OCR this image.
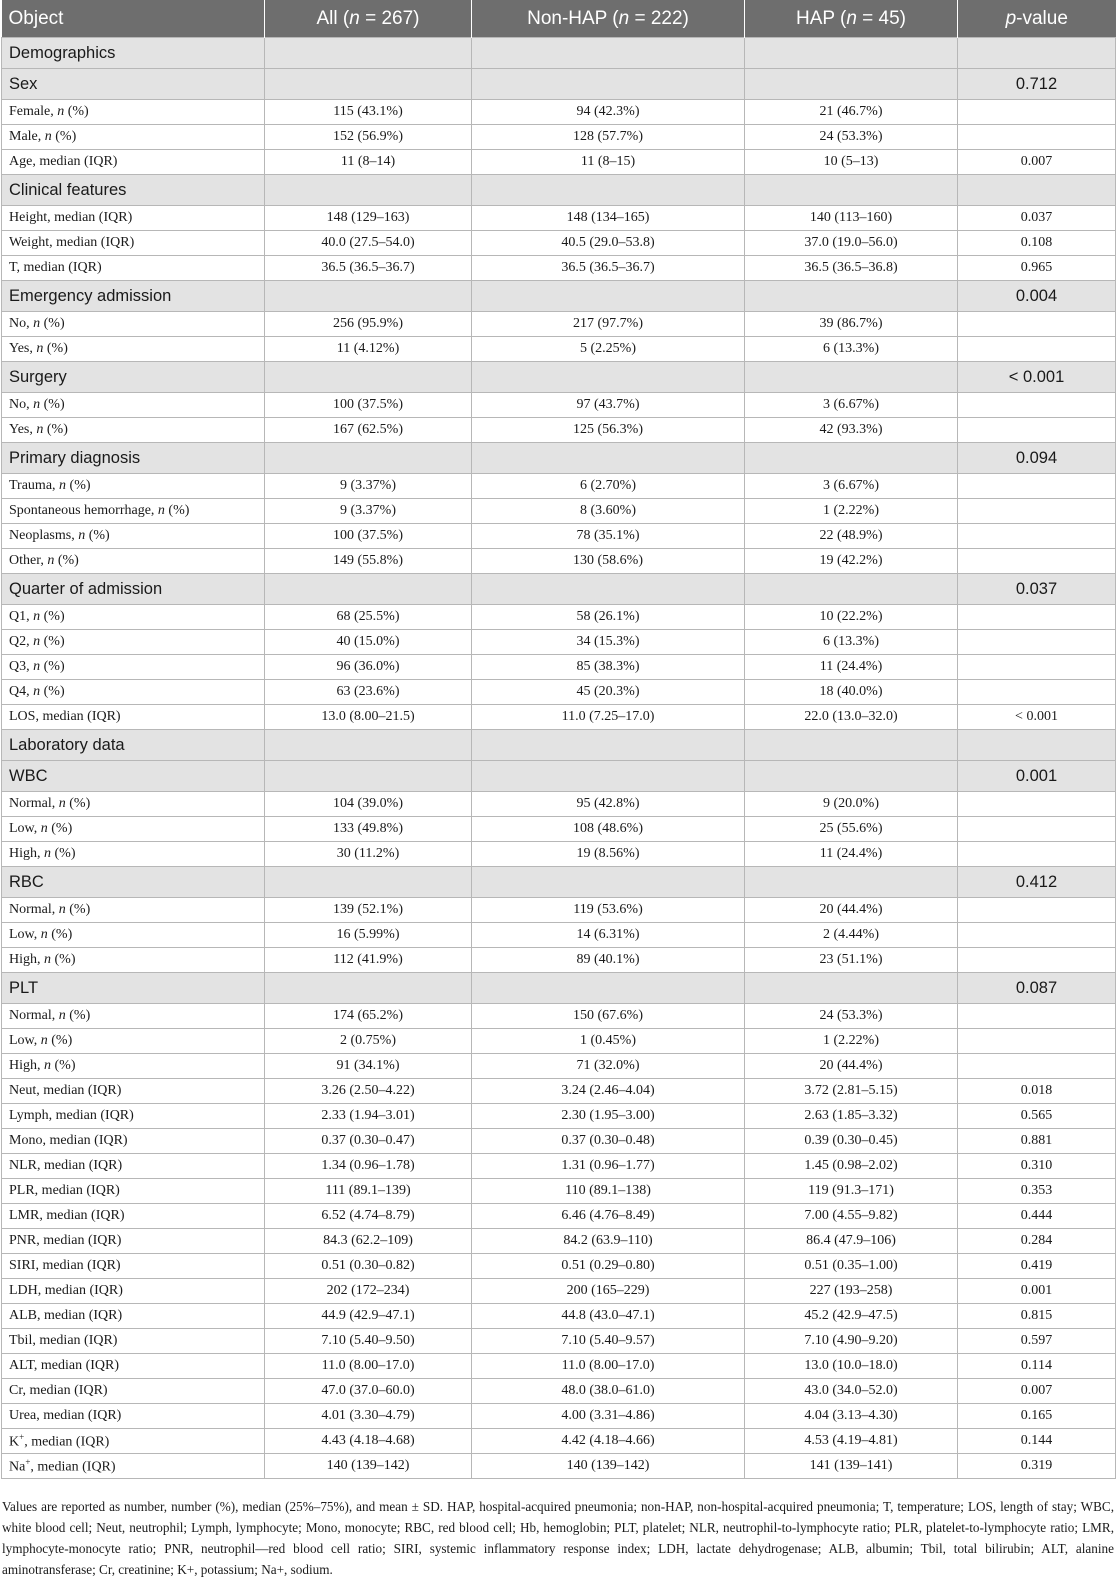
Object	All (n = 267)	Non-HAP (n = 222)	HAP (n = 45)	p-value
Demographics				
Sex				0.712
Female, n (%)	115 (43.1%)	94 (42.3%)	21 (46.7%)	
Male, n (%)	152 (56.9%)	128 (57.7%)	24 (53.3%)	
Age, median (IQR)	11 (8–14)	11 (8–15)	10 (5–13)	0.007
Clinical features				
Height, median (IQR)	148 (129–163)	148 (134–165)	140 (113–160)	0.037
Weight, median (IQR)	40.0 (27.5–54.0)	40.5 (29.0–53.8)	37.0 (19.0–56.0)	0.108
T, median (IQR)	36.5 (36.5–36.7)	36.5 (36.5–36.7)	36.5 (36.5–36.8)	0.965
Emergency admission				0.004
No, n (%)	256 (95.9%)	217 (97.7%)	39 (86.7%)	
Yes, n (%)	11 (4.12%)	5 (2.25%)	6 (13.3%)	
Surgery				< 0.001
No, n (%)	100 (37.5%)	97 (43.7%)	3 (6.67%)	
Yes, n (%)	167 (62.5%)	125 (56.3%)	42 (93.3%)	
Primary diagnosis				0.094
Trauma, n (%)	9 (3.37%)	6 (2.70%)	3 (6.67%)	
Spontaneous hemorrhage, n (%)	9 (3.37%)	8 (3.60%)	1 (2.22%)	
Neoplasms, n (%)	100 (37.5%)	78 (35.1%)	22 (48.9%)	
Other, n (%)	149 (55.8%)	130 (58.6%)	19 (42.2%)	
Quarter of admission				0.037
Q1, n (%)	68 (25.5%)	58 (26.1%)	10 (22.2%)	
Q2, n (%)	40 (15.0%)	34 (15.3%)	6 (13.3%)	
Q3, n (%)	96 (36.0%)	85 (38.3%)	11 (24.4%)	
Q4, n (%)	63 (23.6%)	45 (20.3%)	18 (40.0%)	
LOS, median (IQR)	13.0 (8.00–21.5)	11.0 (7.25–17.0)	22.0 (13.0–32.0)	< 0.001
Laboratory data				
WBC				0.001
Normal, n (%)	104 (39.0%)	95 (42.8%)	9 (20.0%)	
Low, n (%)	133 (49.8%)	108 (48.6%)	25 (55.6%)	
High, n (%)	30 (11.2%)	19 (8.56%)	11 (24.4%)	
RBC				0.412
Normal, n (%)	139 (52.1%)	119 (53.6%)	20 (44.4%)	
Low, n (%)	16 (5.99%)	14 (6.31%)	2 (4.44%)	
High, n (%)	112 (41.9%)	89 (40.1%)	23 (51.1%)	
PLT				0.087
Normal, n (%)	174 (65.2%)	150 (67.6%)	24 (53.3%)	
Low, n (%)	2 (0.75%)	1 (0.45%)	1 (2.22%)	
High, n (%)	91 (34.1%)	71 (32.0%)	20 (44.4%)	
Neut, median (IQR)	3.26 (2.50–4.22)	3.24 (2.46–4.04)	3.72 (2.81–5.15)	0.018
Lymph, median (IQR)	2.33 (1.94–3.01)	2.30 (1.95–3.00)	2.63 (1.85–3.32)	0.565
Mono, median (IQR)	0.37 (0.30–0.47)	0.37 (0.30–0.48)	0.39 (0.30–0.45)	0.881
NLR, median (IQR)	1.34 (0.96–1.78)	1.31 (0.96–1.77)	1.45 (0.98–2.02)	0.310
PLR, median (IQR)	111 (89.1–139)	110 (89.1–138)	119 (91.3–171)	0.353
LMR, median (IQR)	6.52 (4.74–8.79)	6.46 (4.76–8.49)	7.00 (4.55–9.82)	0.444
PNR, median (IQR)	84.3 (62.2–109)	84.2 (63.9–110)	86.4 (47.9–106)	0.284
SIRI, median (IQR)	0.51 (0.30–0.82)	0.51 (0.29–0.80)	0.51 (0.35–1.00)	0.419
LDH, median (IQR)	202 (172–234)	200 (165–229)	227 (193–258)	0.001
ALB, median (IQR)	44.9 (42.9–47.1)	44.8 (43.0–47.1)	45.2 (42.9–47.5)	0.815
Tbil, median (IQR)	7.10 (5.40–9.50)	7.10 (5.40–9.57)	7.10 (4.90–9.20)	0.597
ALT, median (IQR)	11.0 (8.00–17.0)	11.0 (8.00–17.0)	13.0 (10.0–18.0)	0.114
Cr, median (IQR)	47.0 (37.0–60.0)	48.0 (38.0–61.0)	43.0 (34.0–52.0)	0.007
Urea, median (IQR)	4.01 (3.30–4.79)	4.00 (3.31–4.86)	4.04 (3.13–4.30)	0.165
K+, median (IQR)	4.43 (4.18–4.68)	4.42 (4.18–4.66)	4.53 (4.19–4.81)	0.144
Na+, median (IQR)	140 (139–142)	140 (139–142)	141 (139–141)	0.319
Values are reported as number, number (%), median (25%–75%), and mean ± SD. HAP, hospital-acquired pneumonia; non-HAP, non-hospital-acquired pneumonia; T, temperature; LOS, length of stay; WBC, white blood cell; Neut, neutrophil; Lymph, lymphocyte; Mono, monocyte; RBC, red blood cell; Hb, hemoglobin; PLT, platelet; NLR, neutrophil-to-lymphocyte ratio; PLR, platelet-to-lymphocyte ratio; LMR, lymphocyte-monocyte ratio; PNR, neutrophil—red blood cell ratio; SIRI, systemic inflammatory response index; LDH, lactate dehydrogenase; ALB, albumin; Tbil, total bilirubin; ALT, alanine aminotransferase; Cr, creatinine; K+, potassium; Na+, sodium.
